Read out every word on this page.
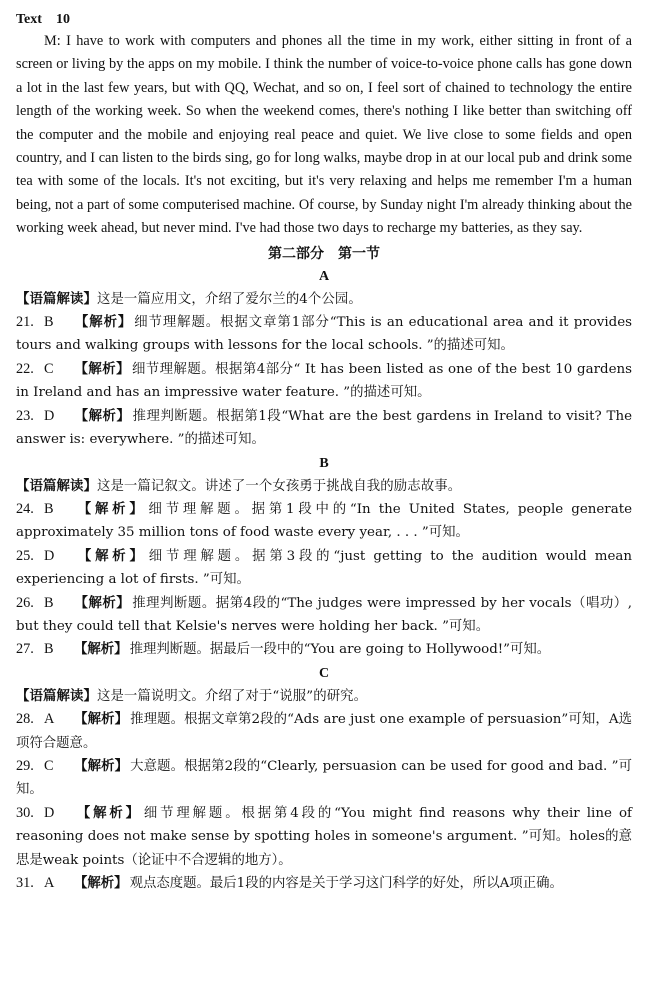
Text 10

M: I have to work with computers and phones all the time in my work, either sitting in front of a screen or living by the apps on my mobile. I think the number of voice-to-voice phone calls has gone down a lot in the last few years, but with QQ, Wechat, and so on, I feel sort of chained to technology the entire length of the working week. So when the weekend comes, there's nothing I like better than switching off the computer and the mobile and enjoying real peace and quiet. We live close to some fields and open country, and I can listen to the birds sing, go for long walks, maybe drop in at our local pub and drink some tea with some of the locals. It's not exciting, but it's very relaxing and helps me remember I'm a human being, not a part of some computerised machine. Of course, by Sunday night I'm already thinking about the working week ahead, but never mind. I've had those two days to recharge my batteries, as they say.

第二部分　第一节

A

【语篇解读】这是一篇应用文，介绍了爱尔兰的4个公园。

21. B 【解析】 细节理解题。根据文章第1部分“This is an educational area and it provides tours and walking groups with lessons for the local schools. ”的描述可知。

22. C 【解析】 细节理解题。根据第4部分“ It has been listed as one of the best 10 gardens in Ireland and has an impressive water feature. ”的描述可知。

23. D 【解析】 推理判断题。根据第1段“What are the best gardens in Ireland to visit? The answer is: everywhere. ”的描述可知。

B

【语篇解读】这是一篇记叙文。讲述了一个女孩勇于挑战自我的励志故事。

24. B 【解析】 细节理解题。据第1段中的“In the United States, people generate approximately 35 million tons of food waste every year, . . . ”可知。

25. D 【解析】 细节理解题。据第3段的“just getting to the audition would mean experiencing a lot of firsts. ”可知。

26. B 【解析】 推理判断题。据第4段的“The judges were impressed by her vocals（唱功）, but they could tell that Kelsie's nerves were holding her back. ”可知。

27. B 【解析】 推理判断题。据最后一段中的“You are going to Hollywood!”可知。

C

【语篇解读】这是一篇说明文。介绍了对于“说服”的研究。

28. A 【解析】 推理题。根据文章第2段的“Ads are just one example of persuasion”可知，A选项符合题意。

29. C 【解析】 大意题。根据第2段的“Clearly, persuasion can be used for good and bad. ”可知。

30. D 【解析】 细节理解题。根据第4段的“You might find reasons why their line of reasoning does not make sense by spotting holes in someone's argument. ”可知。holes的意思是weak points（论证中不合逻辑的地方）。

31. A 【解析】 观点态度题。最后1段的内容是关于学习这门科学的好处，所以A项正确。
